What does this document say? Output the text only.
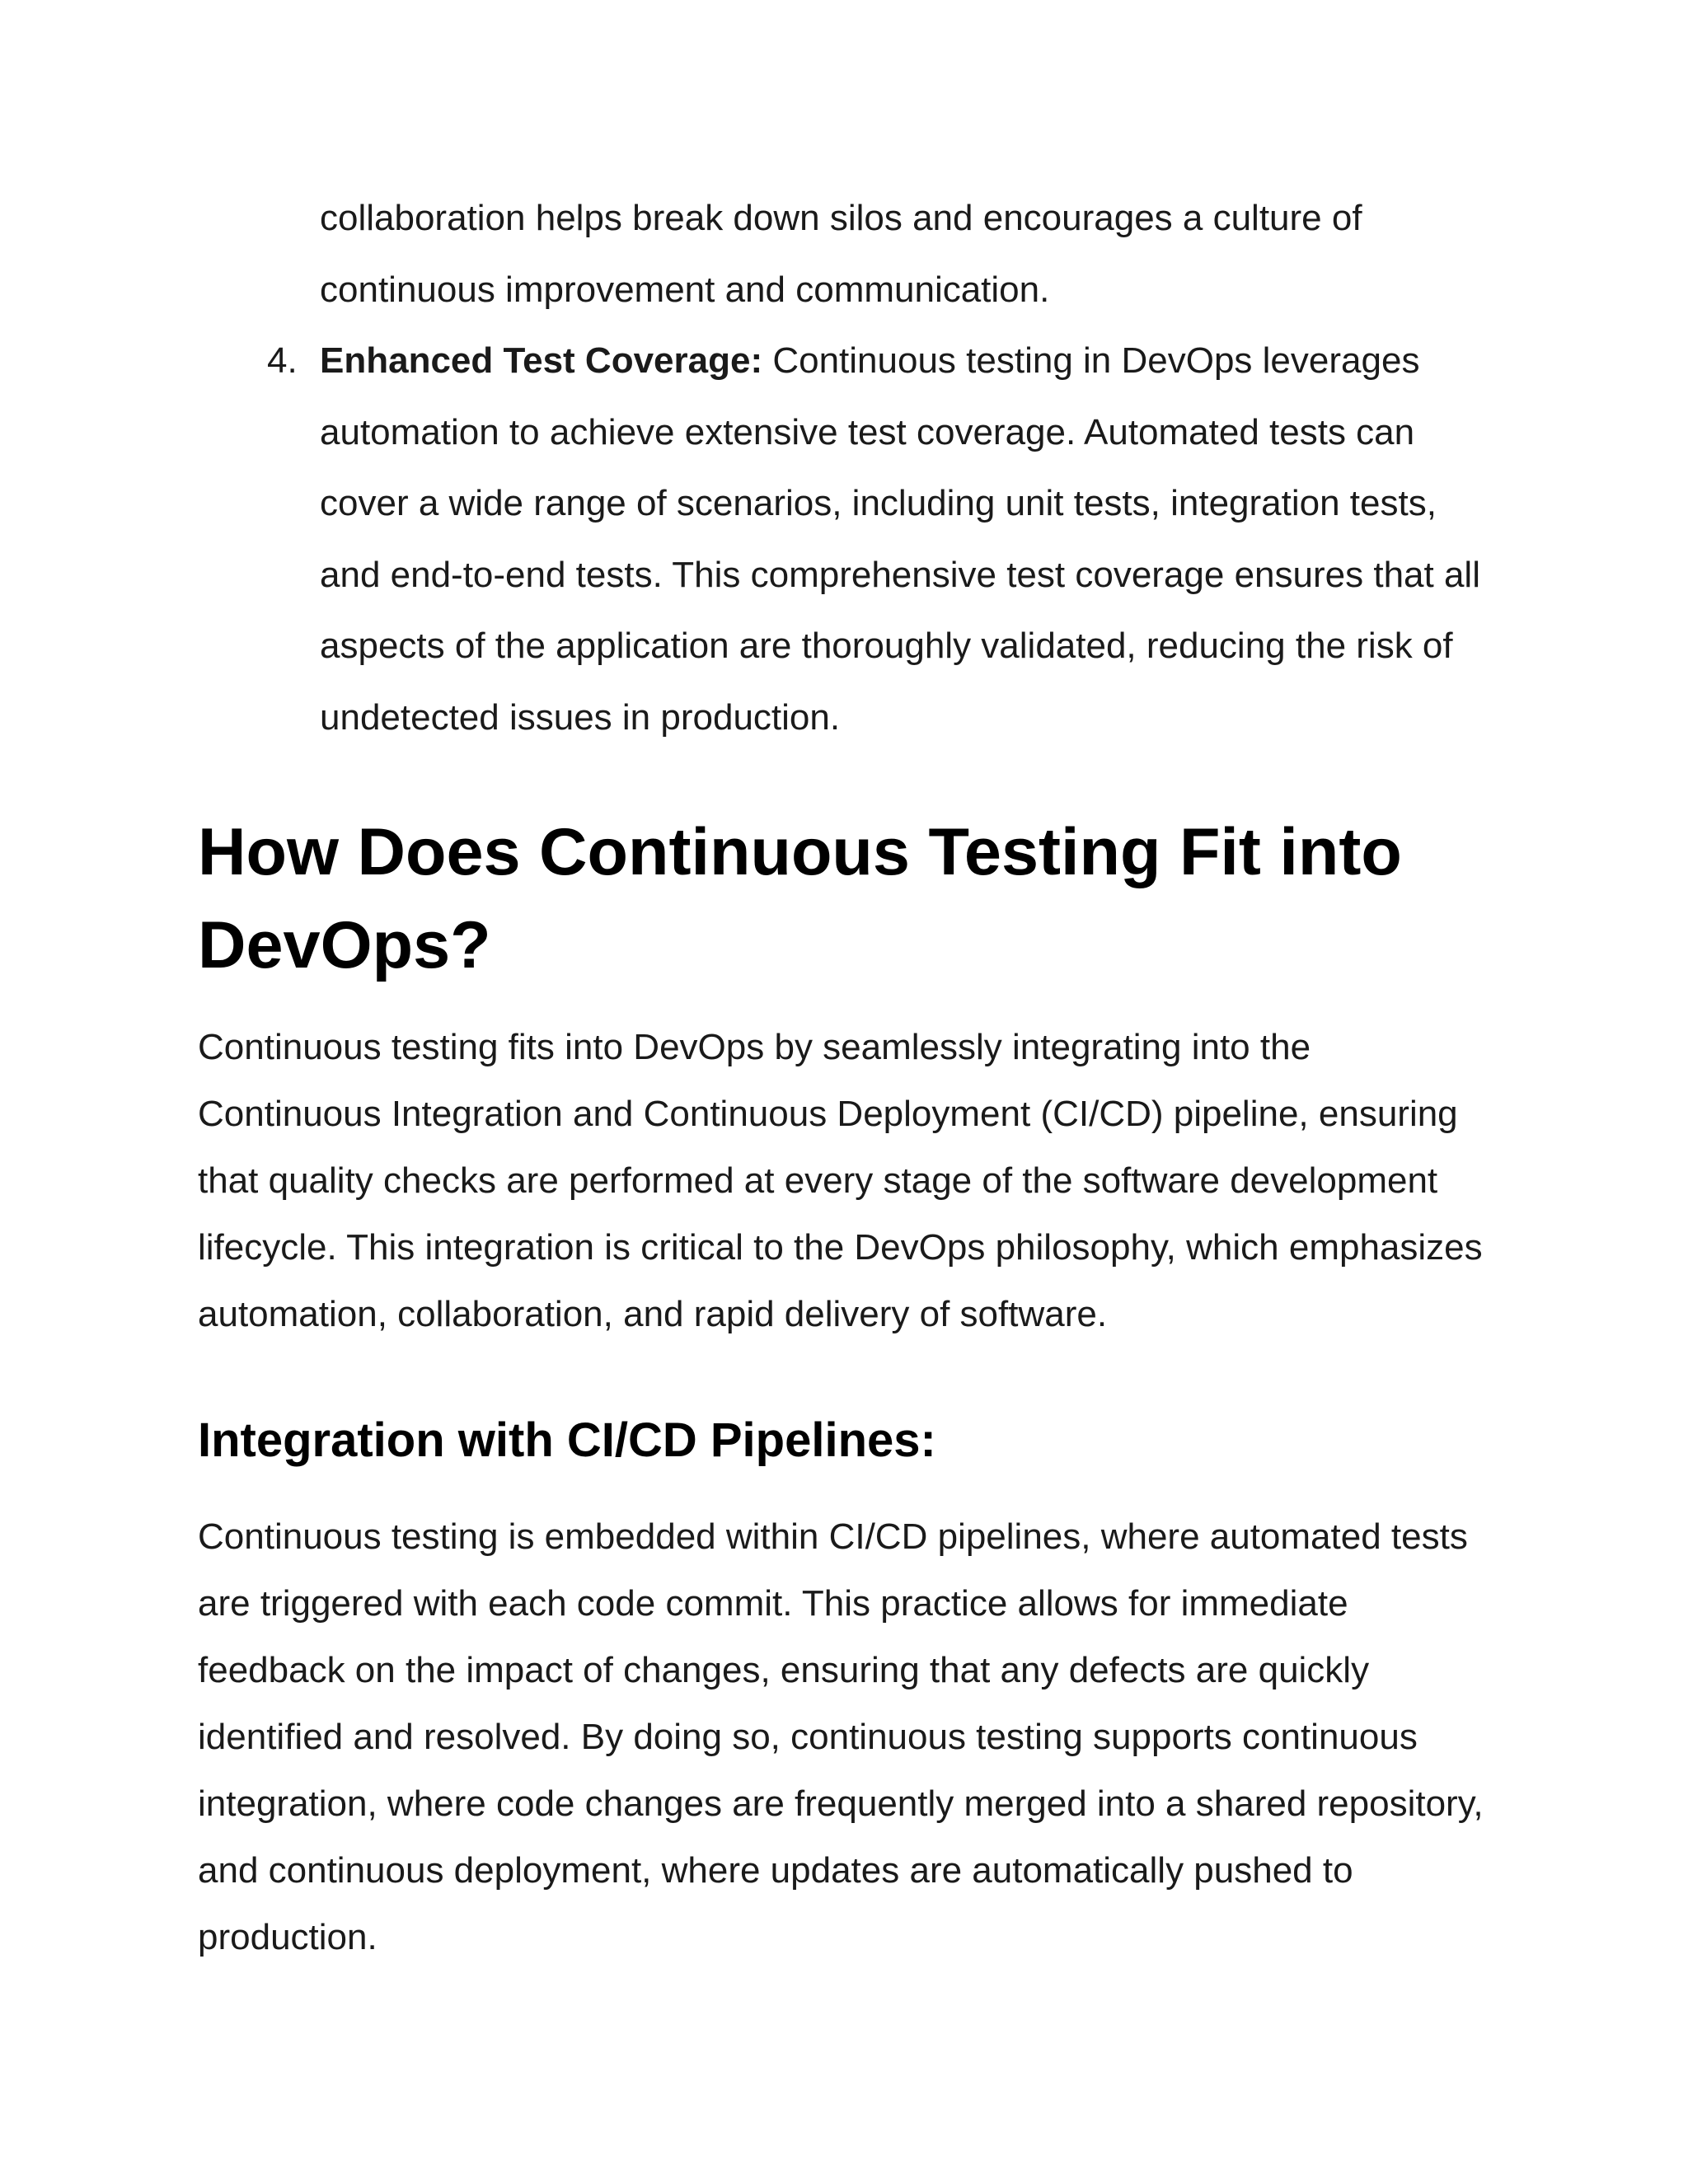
collaboration helps break down silos and encourages a culture of continuous improvement and communication.
4. Enhanced Test Coverage: Continuous testing in DevOps leverages automation to achieve extensive test coverage. Automated tests can cover a wide range of scenarios, including unit tests, integration tests, and end-to-end tests. This comprehensive test coverage ensures that all aspects of the application are thoroughly validated, reducing the risk of undetected issues in production.
How Does Continuous Testing Fit into DevOps?

Continuous testing fits into DevOps by seamlessly integrating into the Continuous Integration and Continuous Deployment (CI/CD) pipeline, ensuring that quality checks are performed at every stage of the software development lifecycle. This integration is critical to the DevOps philosophy, which emphasizes automation, collaboration, and rapid delivery of software.

Integration with CI/CD Pipelines:

Continuous testing is embedded within CI/CD pipelines, where automated tests are triggered with each code commit. This practice allows for immediate feedback on the impact of changes, ensuring that any defects are quickly identified and resolved. By doing so, continuous testing supports continuous integration, where code changes are frequently merged into a shared repository, and continuous deployment, where updates are automatically pushed to production.
